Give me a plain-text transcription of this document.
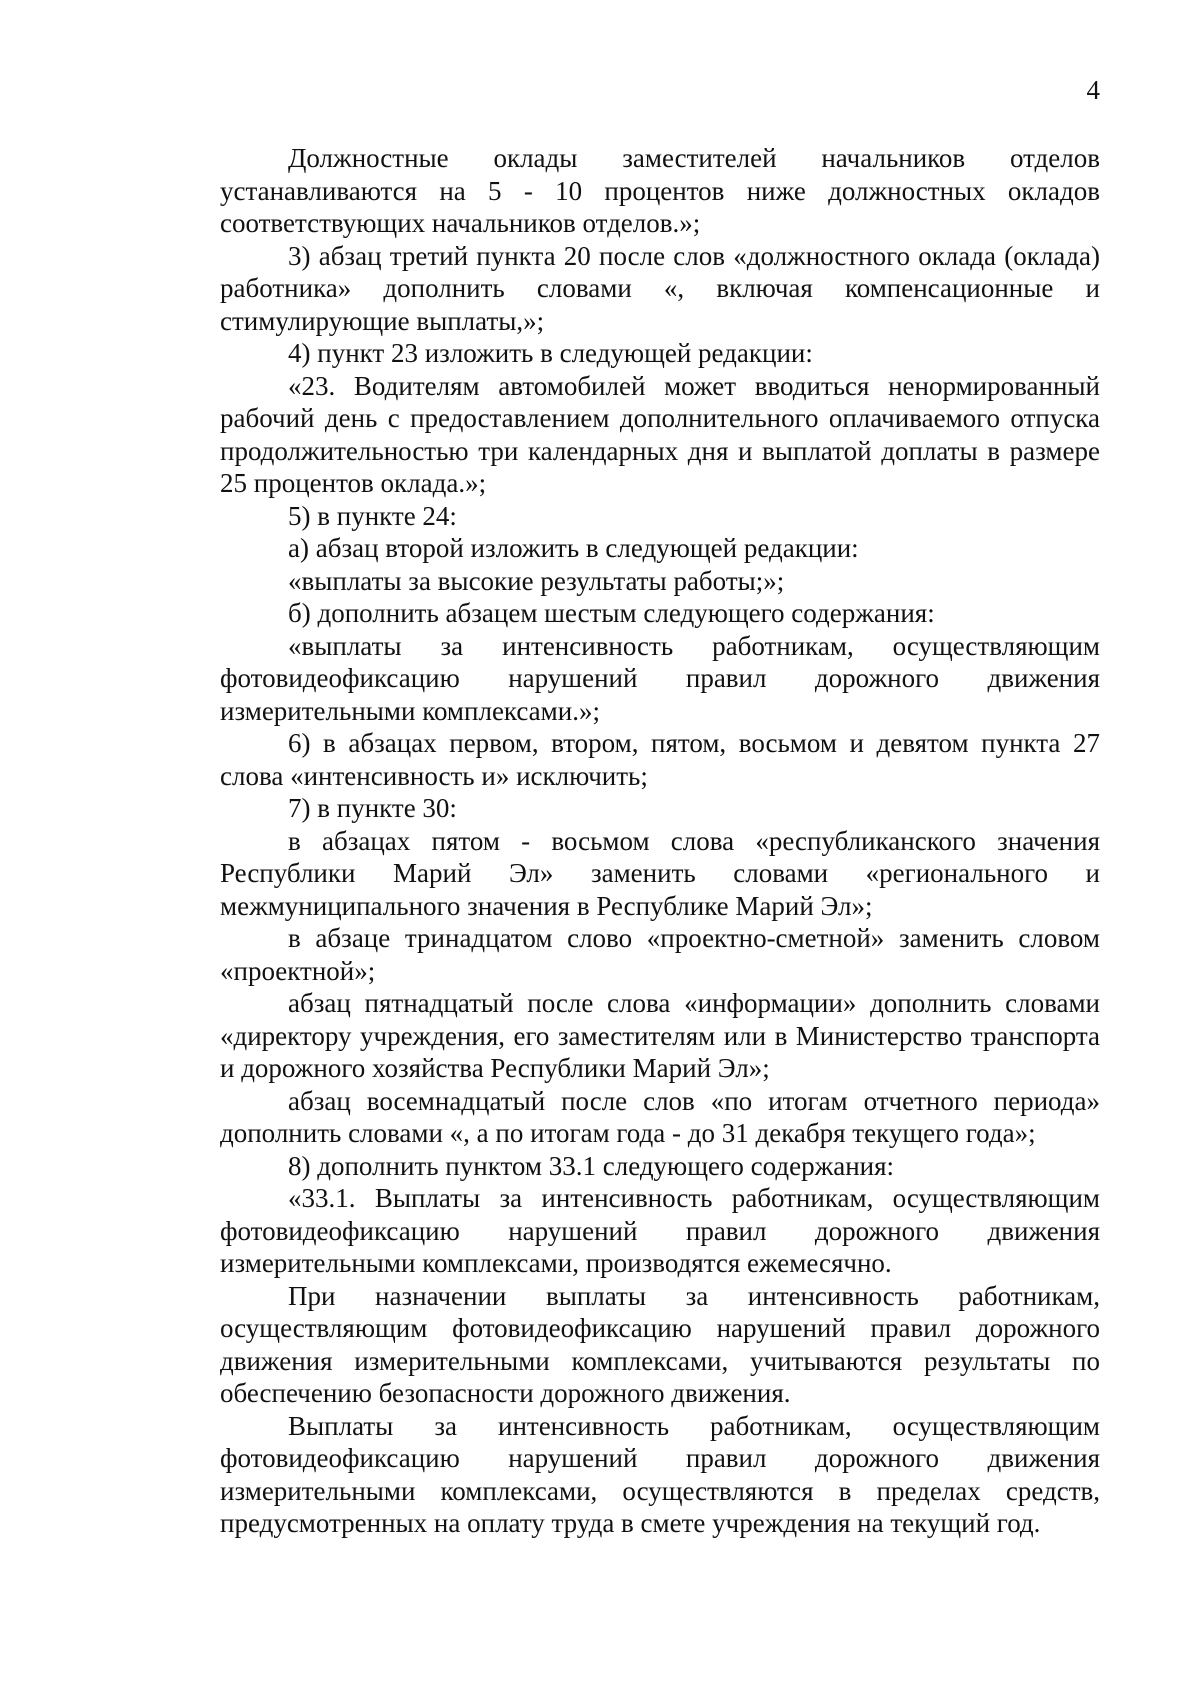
4

Должностные оклады заместителей начальников отделов устанавливаются на 5 - 10 процентов ниже должностных окладов соответствующих начальников отделов.»;

3) абзац третий пункта 20 после слов «должностного оклада (оклада) работника» дополнить словами «, включая компенсационные и стимулирующие выплаты,»;

4) пункт 23 изложить в следующей редакции:

«23. Водителям автомобилей может вводиться ненормированный рабочий день с предоставлением дополнительного оплачиваемого отпуска продолжительностью три календарных дня и выплатой доплаты в размере 25 процентов оклада.»;

5) в пункте 24:

а) абзац второй изложить в следующей редакции:

«выплаты за высокие результаты работы;»;

б) дополнить абзацем шестым следующего содержания:

«выплаты за интенсивность работникам, осуществляющим фотовидеофиксацию нарушений правил дорожного движения измерительными комплексами.»;

6) в абзацах первом, втором, пятом, восьмом и девятом пункта 27 слова «интенсивность и» исключить;

7) в пункте 30:

в абзацах пятом - восьмом слова «республиканского значения Республики Марий Эл» заменить словами «регионального и межмуниципального значения в Республике Марий Эл»;

в абзаце тринадцатом слово «проектно-сметной» заменить словом «проектной»;

абзац пятнадцатый после слова «информации» дополнить словами «директору учреждения, его заместителям или в Министерство транспорта и дорожного хозяйства Республики Марий Эл»;

абзац восемнадцатый после слов «по итогам отчетного периода» дополнить словами «, а по итогам года - до 31 декабря текущего года»;

8) дополнить пунктом 33.1 следующего содержания:

«33.1. Выплаты за интенсивность работникам, осуществляющим фотовидеофиксацию нарушений правил дорожного движения измерительными комплексами, производятся ежемесячно.

При назначении выплаты за интенсивность работникам, осуществляющим фотовидеофиксацию нарушений правил дорожного движения измерительными комплексами, учитываются результаты по обеспечению безопасности дорожного движения.

Выплаты за интенсивность работникам, осуществляющим фотовидеофиксацию нарушений правил дорожного движения измерительными комплексами, осуществляются в пределах средств, предусмотренных на оплату труда в смете учреждения на текущий год.
